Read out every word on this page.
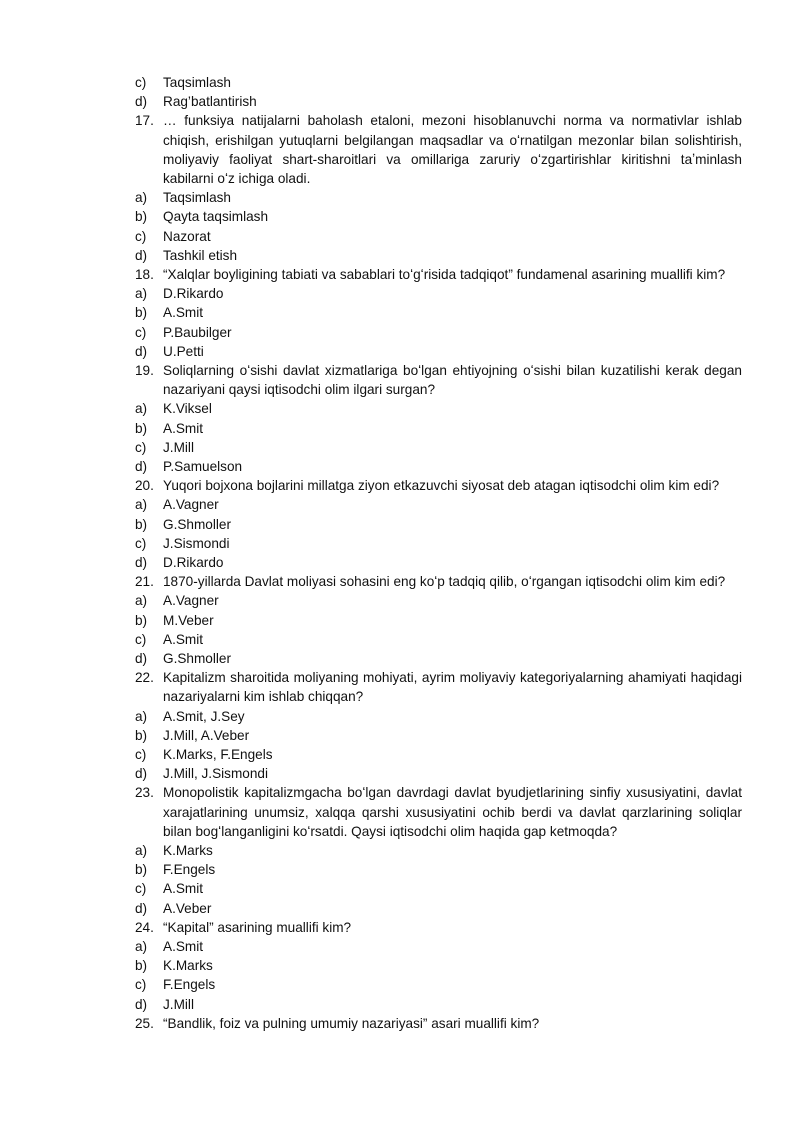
c)	Taqsimlash
d)	Rag’batlantirish
17. … funksiya natijalarni baholash etaloni, mezoni hisoblanuvchi norma va normativlar ishlab
chiqish, erishilgan yutuqlarni belgilangan maqsadlar va oʻrnatilgan mezonlar bilan solishtirish,
moliyaviy faoliyat shart-sharoitlari va omillariga zaruriy oʻzgartirishlar kiritishni taʼminlash
kabilarni oʻz ichiga oladi.
a)	Taqsimlash
b)	Qayta taqsimlash
c)	Nazorat
d)	Tashkil etish
18. “Xalqlar boyligining tabiati va sabablari toʻgʻrisida tadqiqot” fundamenal asarining muallifi kim?
a)	D.Rikardo
b)	A.Smit
c)	P.Baubilger
d)	U.Petti
19. Soliqlarning oʻsishi davlat xizmatlariga boʻlgan ehtiyojning oʻsishi bilan kuzatilishi kerak degan
nazariyani qaysi iqtisodchi olim ilgari surgan?
a)	K.Viksel
b)	A.Smit
c)	J.Mill
d)	P.Samuelson
20. Yuqori bojxona bojlarini millatga ziyon etkazuvchi siyosat deb atagan iqtisodchi olim kim edi?
a)	A.Vagner
b)	G.Shmoller
c)	J.Sismondi
d)	D.Rikardo
21. 1870-yillarda Davlat moliyasi sohasini eng koʻp tadqiq qilib, oʻrgangan iqtisodchi olim kim edi?
a)	A.Vagner
b)	M.Veber
c)	A.Smit
d)	G.Shmoller
22. Kapitalizm sharoitida moliyaning mohiyati, ayrim moliyaviy kategoriyalarning ahamiyati haqidagi
nazariyalarni kim ishlab chiqqan?
a)	A.Smit, J.Sey
b)	J.Mill, A.Veber
c)	K.Marks, F.Engels
d)	J.Mill, J.Sismondi
23. Monopolistik kapitalizmgacha boʻlgan davrdagi davlat byudjetlarining sinfiy xususiyatini, davlat
xarajatlarining unumsiz, xalqqa qarshi xususiyatini ochib berdi va davlat qarzlarining soliqlar
bilan bogʻlanganligini koʻrsatdi. Qaysi iqtisodchi olim haqida gap ketmoqda?
a)	K.Marks
b)	F.Engels
c)	A.Smit
d)	A.Veber
24. “Kapital” asarining muallifi kim?
a)	A.Smit
b)	K.Marks
c)	F.Engels
d)	J.Mill
25. “Bandlik, foiz va pulning umumiy nazariyasi” asari muallifi kim?
